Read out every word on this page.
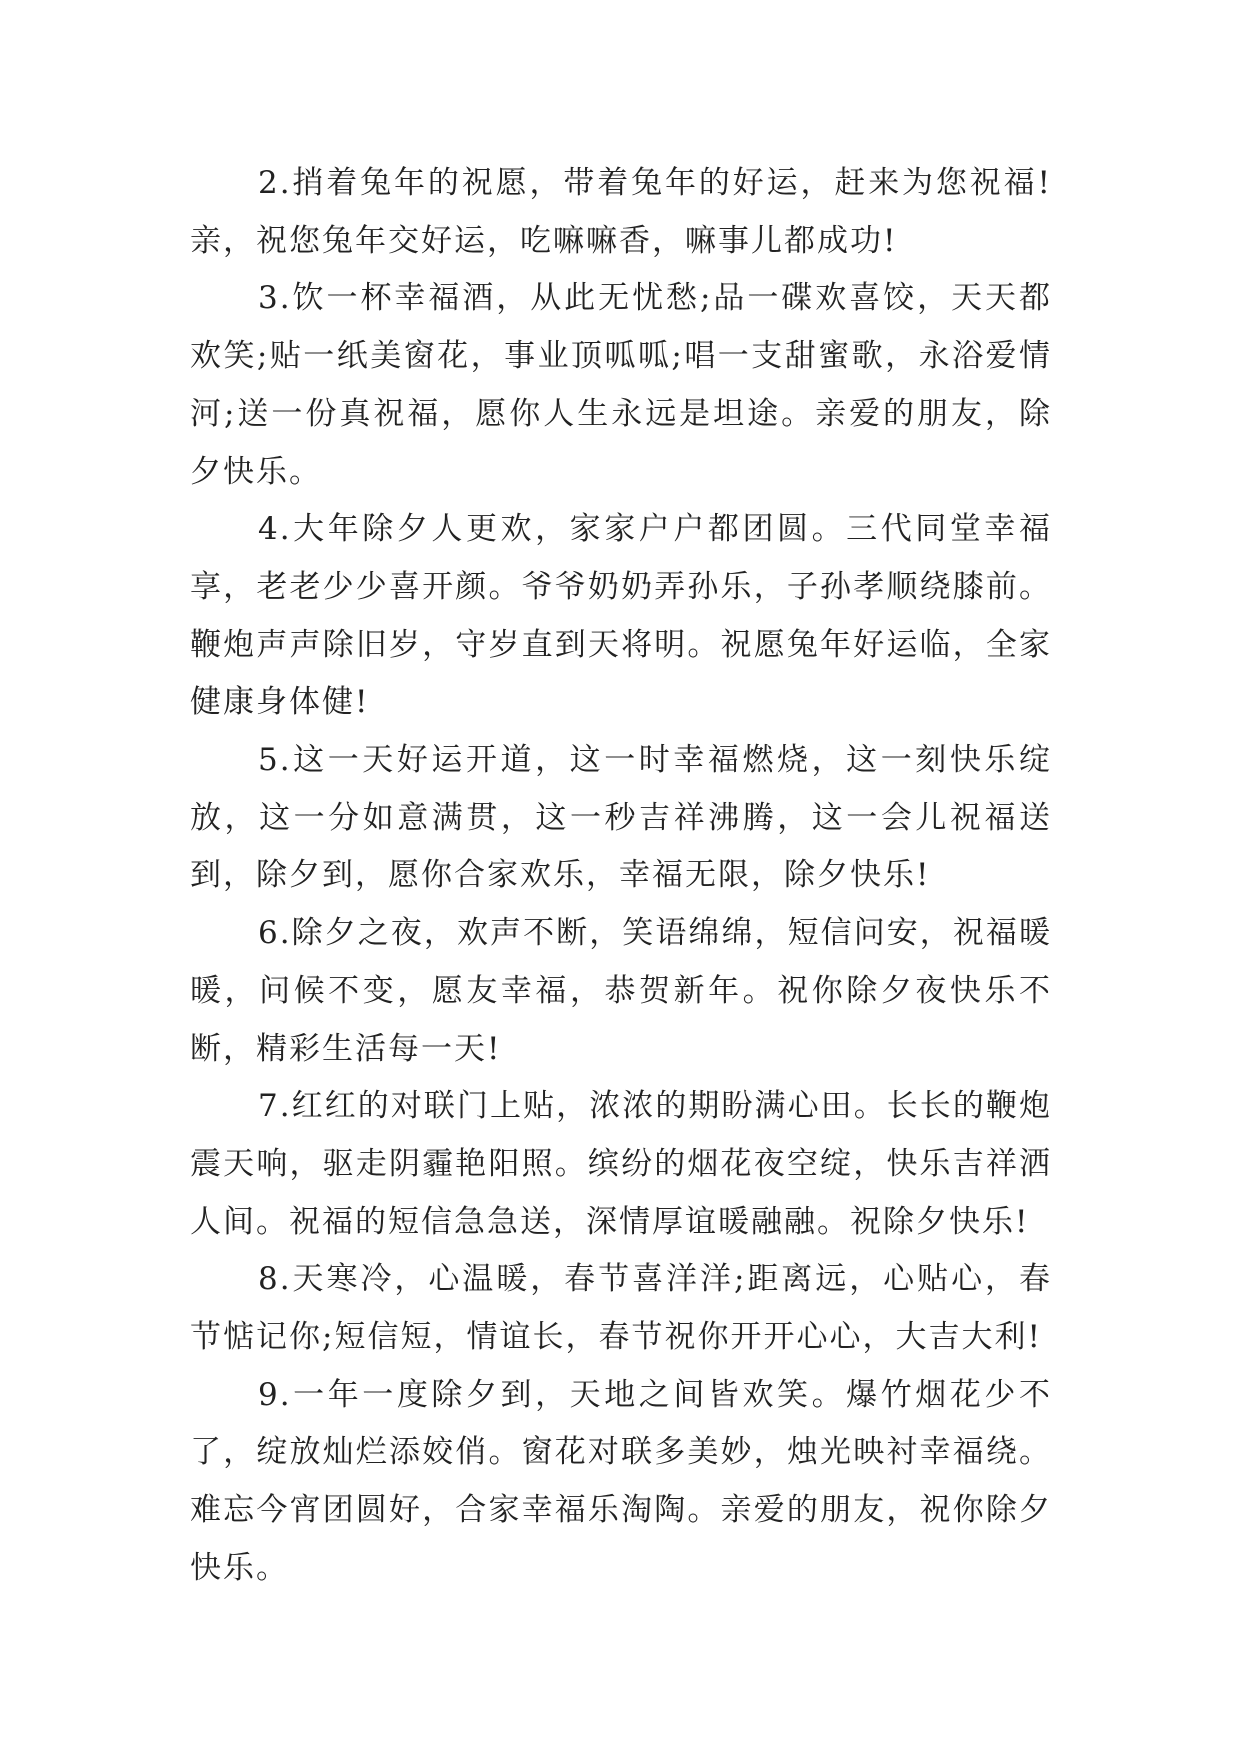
2.捎着兔年的祝愿，带着兔年的好运，赶来为您祝福!亲，祝您兔年交好运，吃嘛嘛香，嘛事儿都成功!

3.饮一杯幸福酒，从此无忧愁;品一碟欢喜饺，天天都欢笑;贴一纸美窗花，事业顶呱呱;唱一支甜蜜歌，永浴爱情河;送一份真祝福，愿你人生永远是坦途。亲爱的朋友，除夕快乐。

4.大年除夕人更欢，家家户户都团圆。三代同堂幸福享，老老少少喜开颜。爷爷奶奶弄孙乐，子孙孝顺绕膝前。鞭炮声声除旧岁，守岁直到天将明。祝愿兔年好运临，全家健康身体健!

5.这一天好运开道，这一时幸福燃烧，这一刻快乐绽放，这一分如意满贯，这一秒吉祥沸腾，这一会儿祝福送到，除夕到，愿你合家欢乐，幸福无限，除夕快乐!

6.除夕之夜，欢声不断，笑语绵绵，短信问安，祝福暖暖，问候不变，愿友幸福，恭贺新年。祝你除夕夜快乐不断，精彩生活每一天!

7.红红的对联门上贴，浓浓的期盼满心田。长长的鞭炮震天响，驱走阴霾艳阳照。缤纷的烟花夜空绽，快乐吉祥洒人间。祝福的短信急急送，深情厚谊暖融融。祝除夕快乐!

8.天寒冷，心温暖，春节喜洋洋;距离远，心贴心，春节惦记你;短信短，情谊长，春节祝你开开心心，大吉大利!

9.一年一度除夕到，天地之间皆欢笑。爆竹烟花少不了，绽放灿烂添姣俏。窗花对联多美妙，烛光映衬幸福绕。难忘今宵团圆好，合家幸福乐淘陶。亲爱的朋友，祝你除夕快乐。
